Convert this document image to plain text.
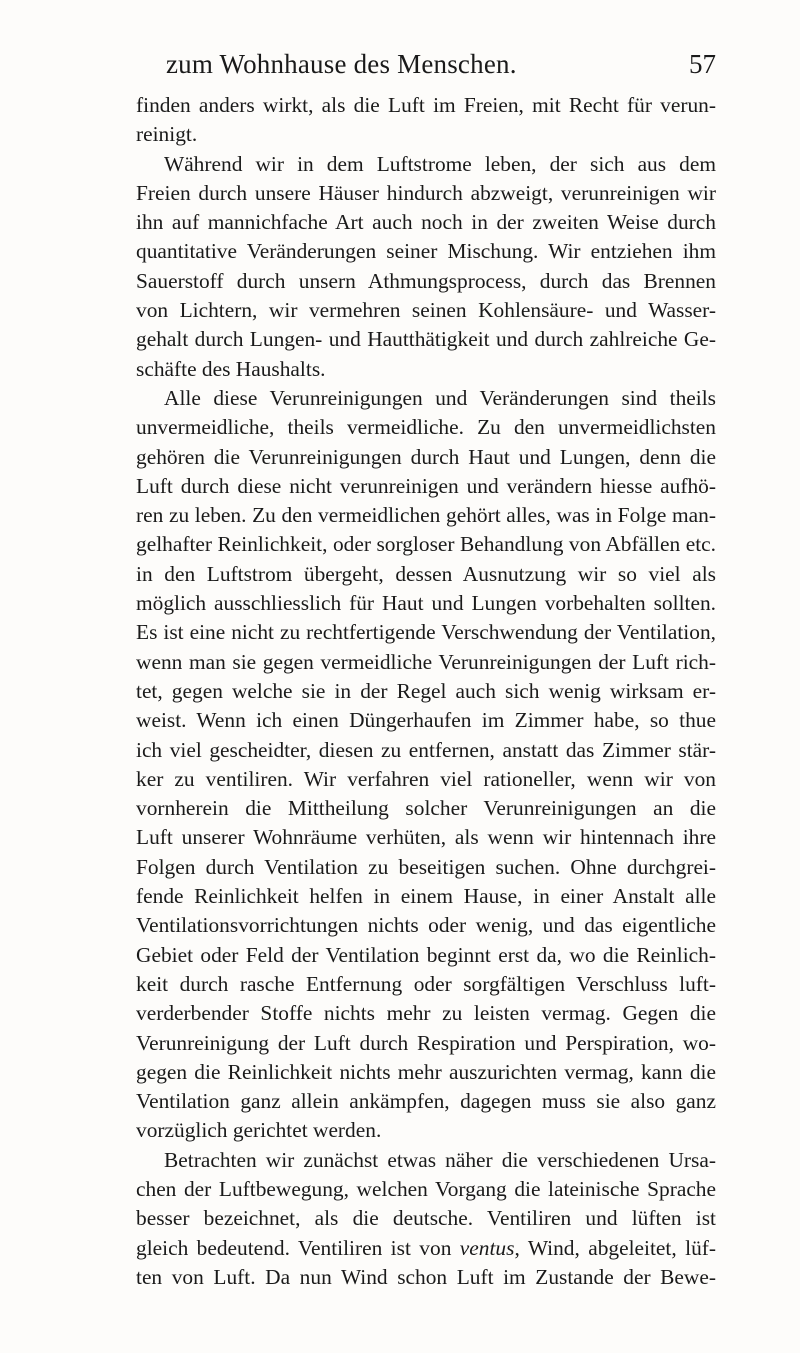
zum Wohnhause des Menschen.	57
finden anders wirkt, als die Luft im Freien, mit Recht für verun-
reinigt.
Während wir in dem Luftstrome leben, der sich aus dem
Freien durch unsere Häuser hindurch abzweigt, verunreinigen wir
ihn auf mannichfache Art auch noch in der zweiten Weise durch
quantitative Veränderungen seiner Mischung. Wir entziehen ihm
Sauerstoff durch unsern Athmungsprocess, durch das Brennen
von Lichtern, wir vermehren seinen Kohlensäure- und Wasser-
gehalt durch Lungen- und Hautthätigkeit und durch zahlreiche Ge-
schäfte des Haushalts.
Alle diese Verunreinigungen und Veränderungen sind theils
unvermeidliche, theils vermeidliche. Zu den unvermeidlichsten
gehören die Verunreinigungen durch Haut und Lungen, denn die
Luft durch diese nicht verunreinigen und verändern hiesse aufhö-
ren zu leben. Zu den vermeidlichen gehört alles, was in Folge man-
gelhafter Reinlichkeit, oder sorgloser Behandlung von Abfällen etc.
in den Luftstrom übergeht, dessen Ausnutzung wir so viel als
möglich ausschliesslich für Haut und Lungen vorbehalten sollten.
Es ist eine nicht zu rechtfertigende Verschwendung der Ventilation,
wenn man sie gegen vermeidliche Verunreinigungen der Luft rich-
tet, gegen welche sie in der Regel auch sich wenig wirksam er-
weist. Wenn ich einen Düngerhaufen im Zimmer habe, so thue
ich viel gescheidter, diesen zu entfernen, anstatt das Zimmer stär-
ker zu ventiliren. Wir verfahren viel rationeller, wenn wir von
vornherein die Mittheilung solcher Verunreinigungen an die
Luft unserer Wohnräume verhüten, als wenn wir hintennach ihre
Folgen durch Ventilation zu beseitigen suchen. Ohne durchgrei-
fende Reinlichkeit helfen in einem Hause, in einer Anstalt alle
Ventilationsvorrichtungen nichts oder wenig, und das eigentliche
Gebiet oder Feld der Ventilation beginnt erst da, wo die Reinlich-
keit durch rasche Entfernung oder sorgfältigen Verschluss luft-
verderbender Stoffe nichts mehr zu leisten vermag. Gegen die
Verunreinigung der Luft durch Respiration und Perspiration, wo-
gegen die Reinlichkeit nichts mehr auszurichten vermag, kann die
Ventilation ganz allein ankämpfen, dagegen muss sie also ganz
vorzüglich gerichtet werden.
Betrachten wir zunächst etwas näher die verschiedenen Ursa-
chen der Luftbewegung, welchen Vorgang die lateinische Sprache
besser bezeichnet, als die deutsche. Ventiliren und lüften ist
gleich bedeutend. Ventiliren ist von ventus, Wind, abgeleitet, lüf-
ten von Luft. Da nun Wind schon Luft im Zustande der Bewe-
